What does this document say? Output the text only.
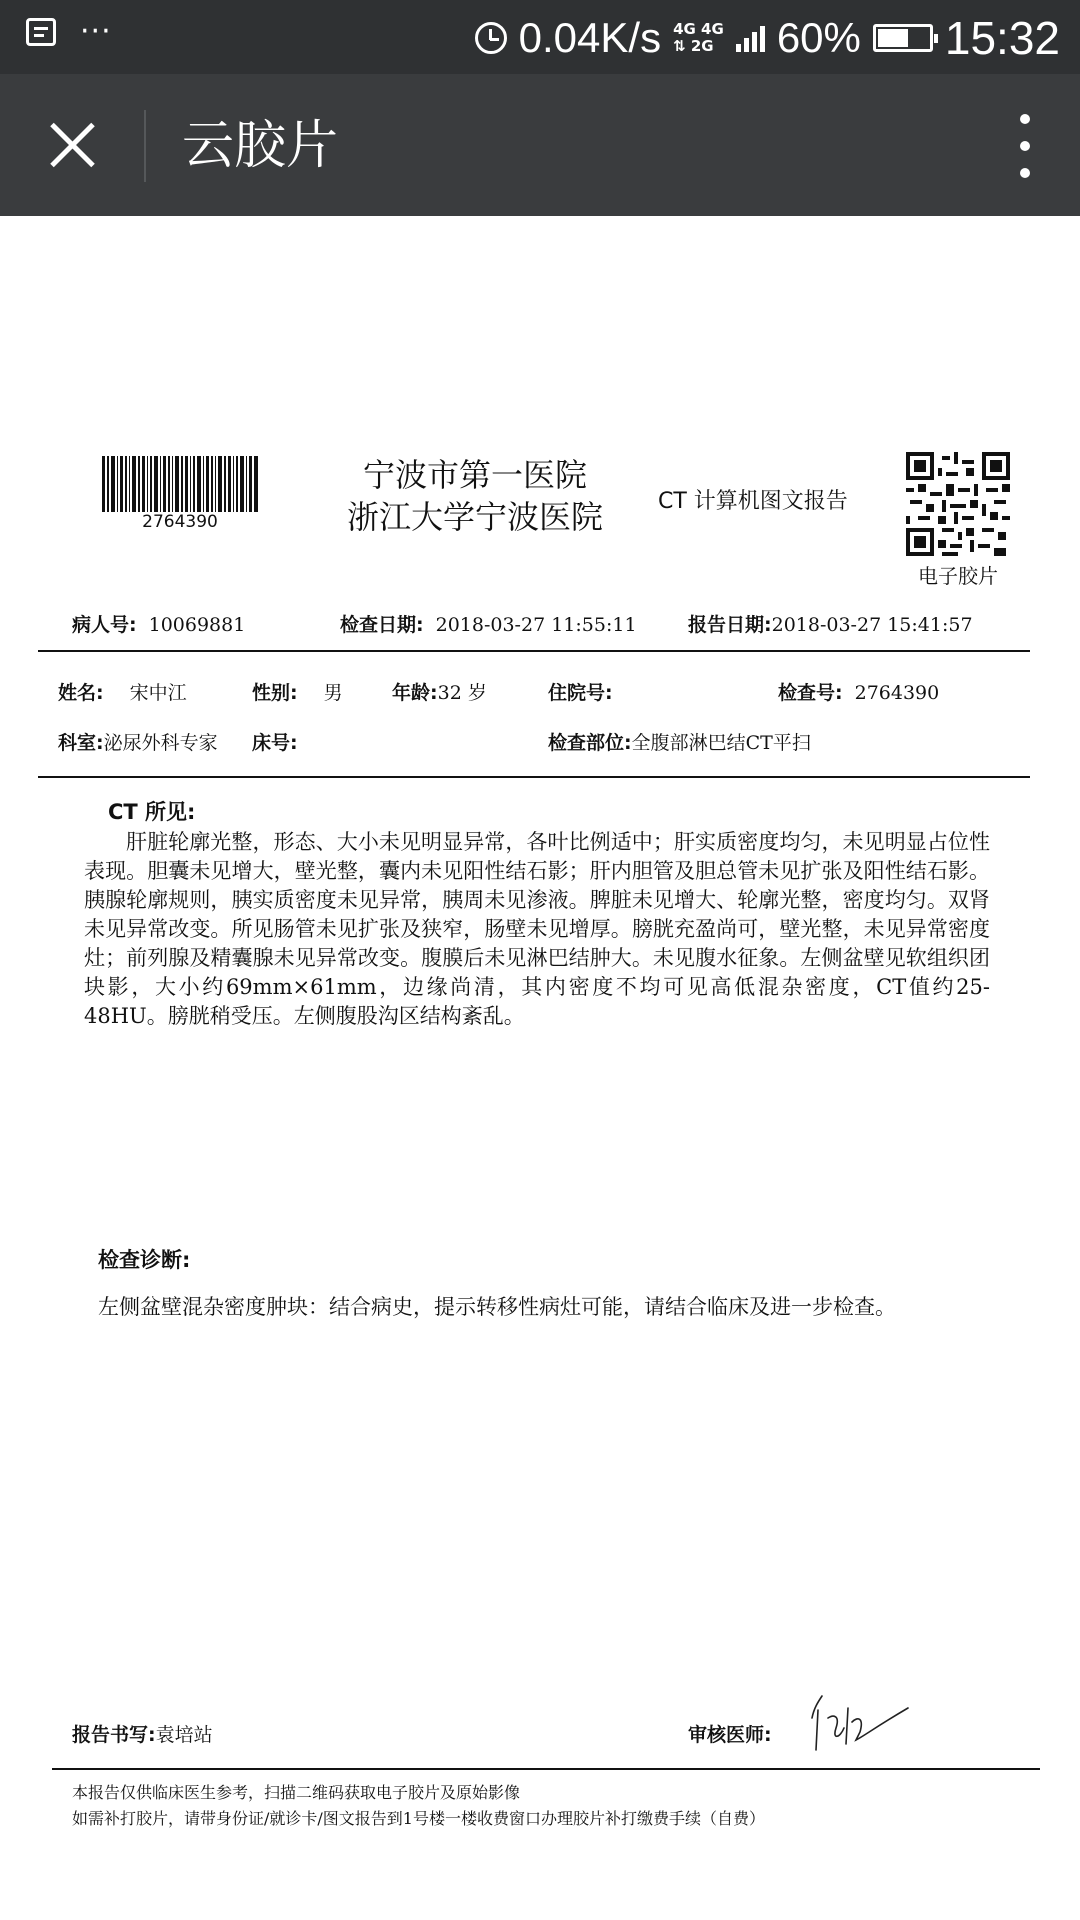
···	0.04K/s 4G 4G
⇅ 2G 60% 15:32
云胶片
2764390
宁波市第一医院
浙江大学宁波医院	CT 计算机图文报告
电子胶片
病人号: 10069881	检查日期: 2018-03-27 11:55:11	报告日期:2018-03-27 15:41:57
姓名: 宋中江	性别: 男	年龄:32 岁	住院号:	检查号: 2764390
科室:泌尿外科专家	床号:	检查部位:全腹部淋巴结CT平扫
CT 所见:
肝脏轮廓光整，形态、大小未见明显异常，各叶比例适中；肝实质密度均匀，未见明显占位性表现。胆囊未见增大，壁光整，囊内未见阳性结石影；肝内胆管及胆总管未见扩张及阳性结石影。胰腺轮廓规则，胰实质密度未见异常，胰周未见渗液。脾脏未见增大、轮廓光整，密度均匀。双肾未见异常改变。所见肠管未见扩张及狭窄，肠壁未见增厚。膀胱充盈尚可，壁光整，未见异常密度灶；前列腺及精囊腺未见异常改变。腹膜后未见淋巴结肿大。未见腹水征象。左侧盆壁见软组织团块影，大小约69mm×61mm，边缘尚清，其内密度不均可见高低混杂密度，CT值约25-48HU。膀胱稍受压。左侧腹股沟区结构紊乱。
检查诊断:
左侧盆壁混杂密度肿块：结合病史，提示转移性病灶可能，请结合临床及进一步检查。
报告书写:袁培站	审核医师:
本报告仅供临床医生参考，扫描二维码获取电子胶片及原始影像
如需补打胶片，请带身份证/就诊卡/图文报告到1号楼一楼收费窗口办理胶片补打缴费手续（自费）
